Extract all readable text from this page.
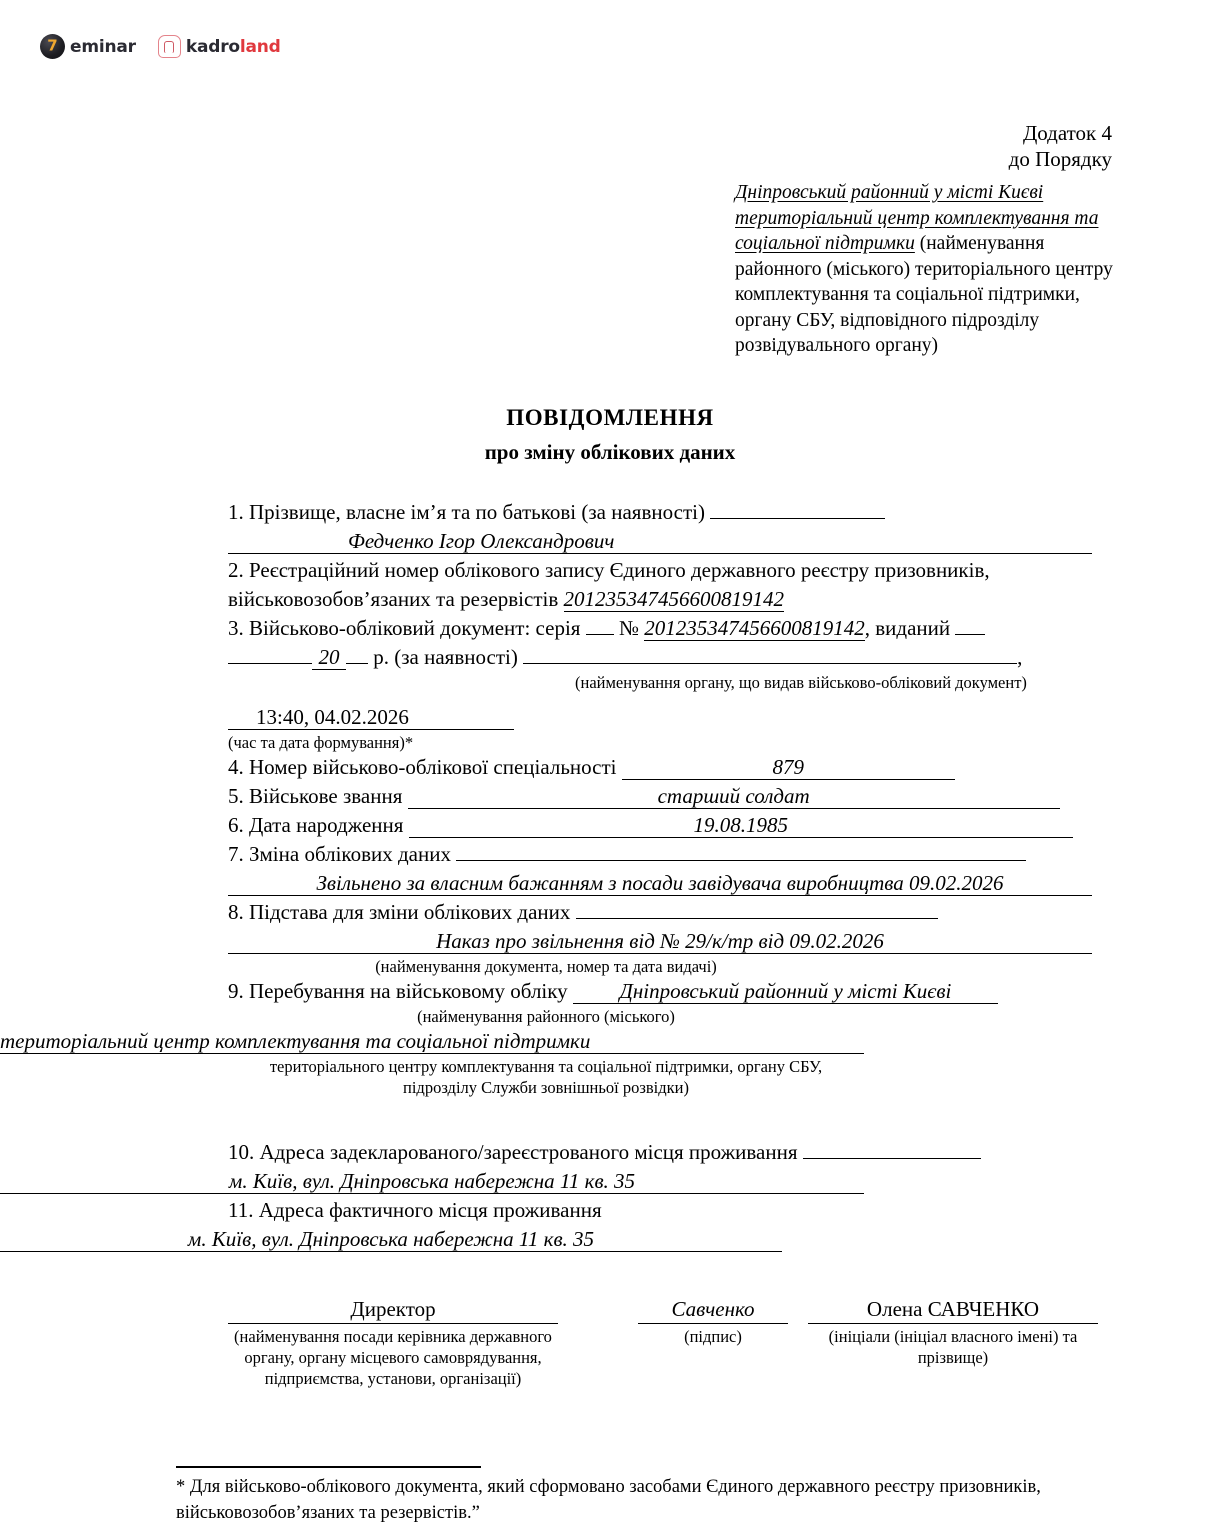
7 eminar	kadroland
Додаток 4
до Порядку
Дніпровський районний у місті Києві територіальний центр комплектування та соціальної підтримки (найменування районного (міського) територіального центру комплектування та соціальної підтримки, органу СБУ, відповідного підрозділу розвідувального органу)
ПОВІДОМЛЕННЯ
про зміну облікових даних
1. Прізвище, власне ім’я та по батькові (за наявності)
Федченко Ігор Олександрович
2. Реєстраційний номер облікового запису Єдиного державного реєстру призовників,
військовозобов’язаних та резервістів 201235347456600819142
3. Військово-обліковий документ: серія № 201235347456600819142, виданий
20 р. (за наявності)	,
(найменування органу, що видав військово-обліковий документ)
13:40, 04.02.2026
(час та дата формування)*
4. Номер військово-облікової спеціальності	879
5. Військове звання	старший солдат
6. Дата народження	19.08.1985
7. Зміна облікових даних
Звільнено за власним бажанням з посади завідувача виробництва 09.02.2026
8. Підстава для зміни облікових даних
Наказ про звільнення від № 29/к/тр від 09.02.2026
(найменування документа, номер та дата видачі)
9. Перебування на військовому обліку Дніпровський районний у місті Києві
(найменування районного (міського)
територіальний центр комплектування та соціальної підтримки
територіального центру комплектування та соціальної підтримки, органу СБУ,
підрозділу Служби зовнішньої розвідки)
10. Адреса задекларованого/зареєстрованого місця проживання
м. Київ, вул. Дніпровська набережна 11 кв. 35
11. Адреса фактичного місця проживання
м. Київ, вул. Дніпровська набережна 11 кв. 35
Директор
(найменування посади керівника державного органу, органу місцевого самоврядування, підприємства, установи, організації)
Савченко
(підпис)
Олена САВЧЕНКО
(ініціали (ініціал власного імені) та прізвище)
* Для військово-облікового документа, який сформовано засобами Єдиного державного реєстру призовників, військовозобов’язаних та резервістів.”
